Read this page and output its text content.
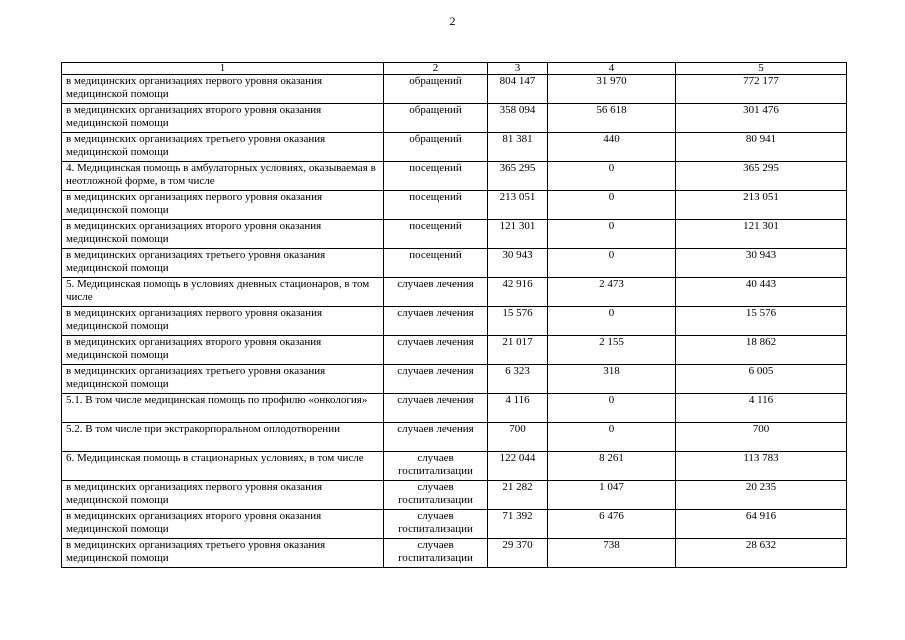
2
1	2	3	4	5
в медицинских организациях первого уровня оказания медицинской помощи	обращений	804 147	31 970	772 177
в медицинских организациях второго уровня оказания медицинской помощи	обращений	358 094	56 618	301 476
в медицинских организациях третьего уровня оказания медицинской помощи	обращений	81 381	440	80 941
4. Медицинская помощь в амбулаторных условиях, оказываемая в неотложной форме, в том числе	посещений	365 295	0	365 295
в медицинских организациях первого уровня оказания медицинской помощи	посещений	213 051	0	213 051
в медицинских организациях второго уровня оказания медицинской помощи	посещений	121 301	0	121 301
в медицинских организациях третьего уровня оказания медицинской помощи	посещений	30 943	0	30 943
5. Медицинская помощь в условиях дневных стационаров, в том числе	случаев лечения	42 916	2 473	40 443
в медицинских организациях первого уровня оказания медицинской помощи	случаев лечения	15 576	0	15 576
в медицинских организациях второго уровня оказания медицинской помощи	случаев лечения	21 017	2 155	18 862
в медицинских организациях третьего уровня оказания медицинской помощи	случаев лечения	6 323	318	6 005
5.1. В том числе медицинская помощь по профилю «онкология»	случаев лечения	4 116	0	4 116
5.2. В том числе при экстракорпоральном оплодотворении	случаев лечения	700	0	700
6. Медицинская помощь в стационарных условиях, в том числе	случаев госпитализации	122 044	8 261	113 783
в медицинских организациях первого уровня оказания медицинской помощи	случаев госпитализации	21 282	1 047	20 235
в медицинских организациях второго уровня оказания медицинской помощи	случаев госпитализации	71 392	6 476	64 916
в медицинских организациях третьего уровня оказания медицинской помощи	случаев госпитализации	29 370	738	28 632
